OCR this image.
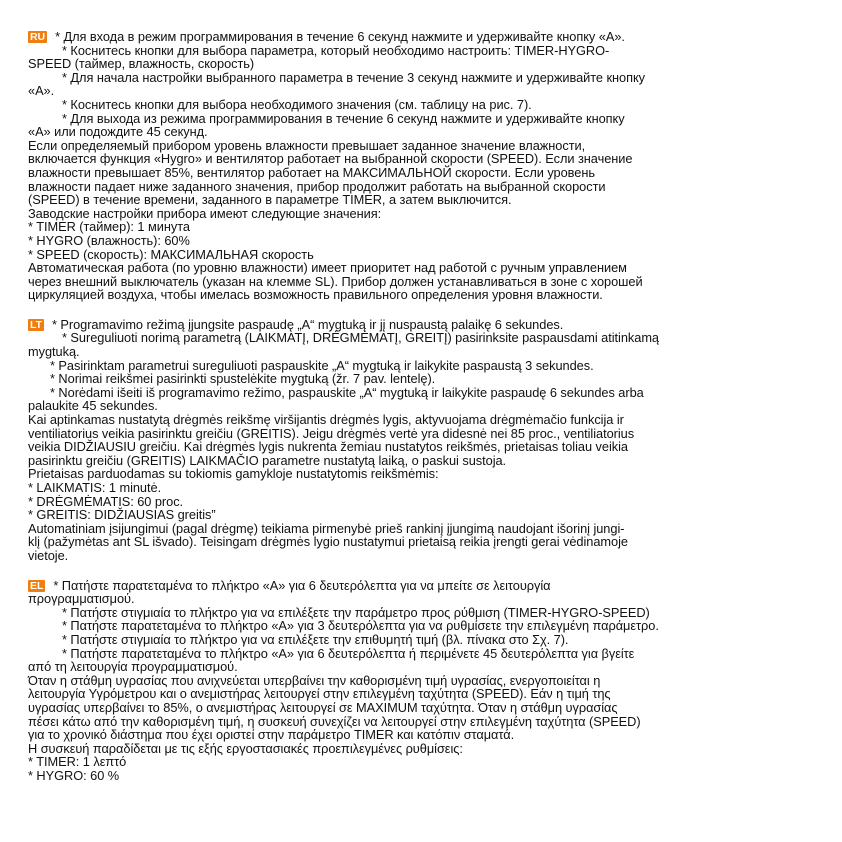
RU * Для входа в режим программирования в течение 6 секунд нажмите и удерживайте кнопку «А».
* Коснитесь кнопки для выбора параметра, который необходимо настроить: TIMER-HYGRO-
SPEED (таймер, влажность, скорость)
* Для начала настройки выбранного параметра в течение 3 секунд нажмите и удерживайте кнопку
«А».
* Коснитесь кнопки для выбора необходимого значения (см. таблицу на рис. 7).
* Для выхода из режима программирования в течение 6 секунд нажмите и удерживайте кнопку
«А» или подождите 45 секунд.
Если определяемый прибором уровень влажности превышает заданное значение влажности,
включается функция «Hygro» и вентилятор работает на выбранной скорости (SPEED). Если значение
влажности превышает 85%, вентилятор работает на МАКСИМАЛЬНОЙ скорости. Если уровень
влажности падает ниже заданного значения, прибор продолжит работать на выбранной скорости
(SPEED) в течение времени, заданного в параметре TIMER, а затем выключится.
Заводские настройки прибора имеют следующие значения:
* TIMER (таймер): 1 минута
* HYGRO (влажность): 60%
* SPEED (скорость): МАКСИМАЛЬНАЯ скорость
Автоматическая работа (по уровню влажности) имеет приоритет над работой с ручным управлением
через внешний выключатель (указан на клемме SL). Прибор должен устанавливаться в зоне с хорошей
циркуляцией воздуха, чтобы имелась возможность правильного определения уровня влажности.
LT * Programavimo režimą įjungsite paspaudę „A“ mygtuką ir jį nuspaustą palaikę 6 sekundes.
* Sureguliuoti norimą parametrą (LAIKMATĮ, DRĖGMĖMATĮ, GREITĮ) pasirinksite paspausdami atitinkamą
mygtuką.
* Pasirinktam parametrui sureguliuoti paspauskite „A“ mygtuką ir laikykite paspaustą 3 sekundes.
* Norimai reikšmei pasirinkti spustelėkite mygtuką (žr. 7 pav. lentelę).
* Norėdami išeiti iš programavimo režimo, paspauskite „A“ mygtuką ir laikykite paspaudę 6 sekundes arba
palaukite 45 sekundes.
Kai aptinkamas nustatytą drėgmės reikšmę viršijantis drėgmės lygis, aktyvuojama drėgmėmačio funkcija ir
ventiliatorius veikia pasirinktu greičiu (GREITIS). Jeigu drėgmės vertė yra didesnė nei 85 proc., ventiliatorius
veikia DIDŽIAUSIU greičiu. Kai drėgmės lygis nukrenta žemiau nustatytos reikšmės, prietaisas toliau veikia
pasirinktu greičiu (GREITIS) LAIKMAČIO parametre nustatytą laiką, o paskui sustoja.
Prietaisas parduodamas su tokiomis gamykloje nustatytomis reikšmėmis:
* LAIKMATIS: 1 minutė.
* DRĖGMĖMATIS: 60 proc.
* GREITIS: DIDŽIAUSIAS greitis”
Automatiniam įsijungimui (pagal drėgmę) teikiama pirmenybė prieš rankinį įjungimą naudojant išorinį jungi-
klį (pažymėtas ant SL išvado). Teisingam drėgmės lygio nustatymui prietaisą reikia įrengti gerai vėdinamoje
vietoje.
EL * Πατήστε παρατεταμένα το πλήκτρο «A» για 6 δευτερόλεπτα για να μπείτε σε λειτουργία
προγραμματισμού.
* Πατήστε στιγμιαία το πλήκτρο για να επιλέξετε την παράμετρο προς ρύθμιση (TIMER-HYGRO-SPEED)
* Πατήστε παρατεταμένα το πλήκτρο «A» για 3 δευτερόλεπτα για να ρυθμίσετε την επιλεγμένη παράμετρο.
* Πατήστε στιγμιαία το πλήκτρο για να επιλέξετε την επιθυμητή τιμή (βλ. πίνακα στο Σχ. 7).
* Πατήστε παρατεταμένα το πλήκτρο «A» για 6 δευτερόλεπτα ή περιμένετε 45 δευτερόλεπτα για βγείτε
από τη λειτουργία προγραμματισμού.
Όταν η στάθμη υγρασίας που ανιχνεύεται υπερβαίνει την καθορισμένη τιμή υγρασίας, ενεργοποιείται η
λειτουργία Υγρόμετρου και ο ανεμιστήρας λειτουργεί στην επιλεγμένη ταχύτητα (SPEED). Εάν η τιμή της
υγρασίας υπερβαίνει το 85%, ο ανεμιστήρας λειτουργεί σε MAXIMUM ταχύτητα. Όταν η στάθμη υγρασίας
πέσει κάτω από την καθορισμένη τιμή, η συσκευή συνεχίζει να λειτουργεί στην επιλεγμένη ταχύτητα (SPEED)
για το χρονικό διάστημα που έχει οριστεί στην παράμετρο TIMER και κατόπιν σταματά.
Η συσκευή παραδίδεται με τις εξής εργοστασιακές προεπιλεγμένες ρυθμίσεις:
* TIMER: 1 λεπτό
* HYGRO: 60 %
